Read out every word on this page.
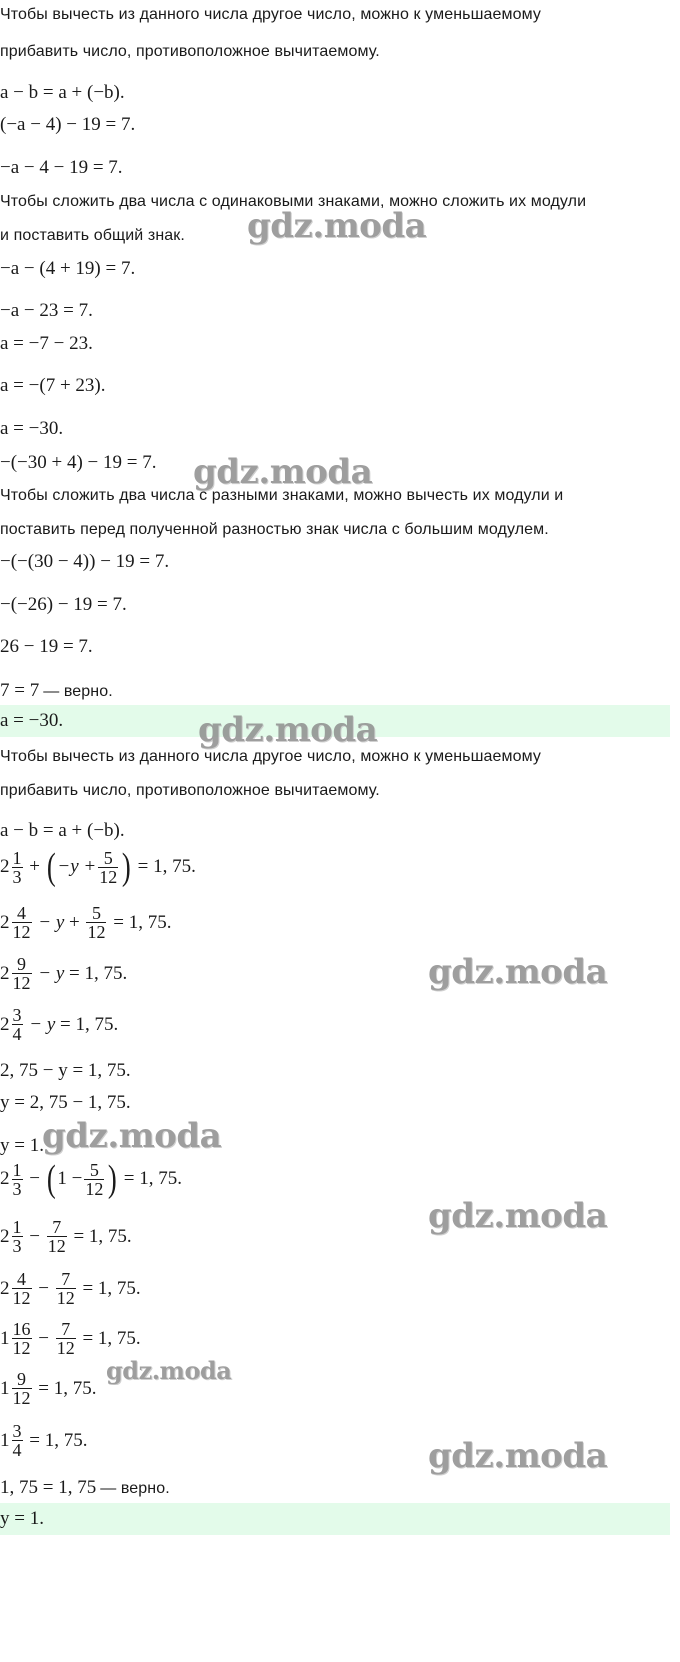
Чтобы вычесть из данного числа другое число, можно к уменьшаемому
прибавить число, противоположное вычитаемому.
a − b = a + (−b).
(−a − 4) − 19 = 7.
−a − 4 − 19 = 7.
Чтобы сложить два числа с одинаковыми знаками, можно сложить их модули
и поставить общий знак.
−a − (4 + 19) = 7.
−a − 23 = 7.
a = −7 − 23.
a = −(7 + 23).
a = −30.
−(−30 + 4) − 19 = 7.
Чтобы сложить два числа с разными знаками, можно вычесть их модули и
поставить перед полученной разностью знак числа с большим модулем.
−(−(30 − 4)) − 19 = 7.
−(−26) − 19 = 7.
26 − 19 = 7.
7 = 7 — верно.
a = −30.
Чтобы вычесть из данного числа другое число, можно к уменьшаемому
прибавить число, противоположное вычитаемому.
a − b = a + (−b).
$2 \frac{1}{3}$
+
( $-y + \frac{5}{12}$ )
= 1, 75.
$2 \frac{4}{12}$
− y
+
$\frac{5}{12}$
= 1, 75.
$2 \frac{9}{12}$
− y
= 1, 75.
$2 \frac{3}{4}$
− y
= 1, 75.
2, 75 − y = 1, 75.
y = 2, 75 − 1, 75.
y = 1.
$2 \frac{1}{3}$
−
( $1 - \frac{5}{12}$ )
= 1, 75.
$2 \frac{1}{3}$
−
$\frac{7}{12}$
= 1, 75.
$2 \frac{4}{12}$
−
$\frac{7}{12}$
= 1, 75.
$1 \frac{16}{12}$
−
$\frac{7}{12}$
= 1, 75.
$1 \frac{9}{12}$
= 1, 75.
$1 \frac{3}{4}$
= 1, 75.
1, 75 = 1, 75 — верно.
y = 1.
gdz.moda
gdz.moda
gdz.moda
gdz.moda
gdz.moda
gdz.moda
gdz.moda
gdz.moda
